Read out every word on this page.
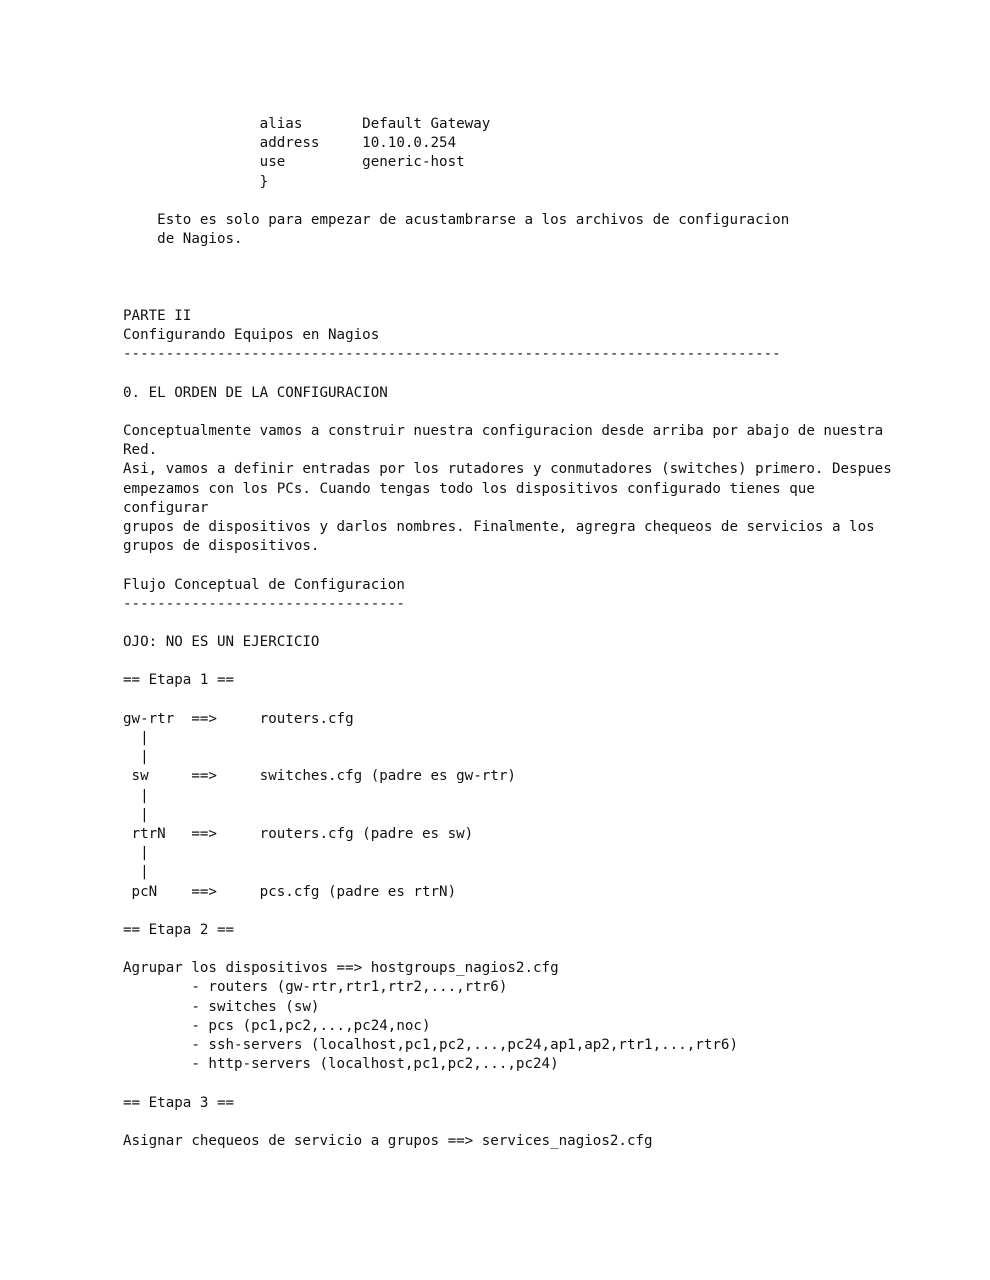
alias       Default Gateway
address     10.10.0.254
use         generic-host
}
Esto es solo para empezar de acustambrarse a los archivos de configuracion
de Nagios.
PARTE II
Configurando Equipos en Nagios
-----------------------------------------------------------------------------
0. EL ORDEN DE LA CONFIGURACION
Conceptualmente vamos a construir nuestra configuracion desde arriba por abajo de nuestra
Red.
Asi, vamos a definir entradas por los rutadores y conmutadores (switches) primero. Despues
empezamos con los PCs. Cuando tengas todo los dispositivos configurado tienes que
configurar
grupos de dispositivos y darlos nombres. Finalmente, agregra chequeos de servicios a los
grupos de dispositivos.
Flujo Conceptual de Configuracion
---------------------------------
OJO: NO ES UN EJERCICIO
== Etapa 1 ==
gw-rtr  ==>     routers.cfg
|
|
sw     ==>     switches.cfg (padre es gw-rtr)
|
|
rtrN   ==>     routers.cfg (padre es sw)
|
|
pcN    ==>     pcs.cfg (padre es rtrN)
== Etapa 2 ==
Agrupar los dispositivos ==> hostgroups_nagios2.cfg
- routers (gw-rtr,rtr1,rtr2,...,rtr6)
- switches (sw)
- pcs (pc1,pc2,...,pc24,noc)
- ssh-servers (localhost,pc1,pc2,...,pc24,ap1,ap2,rtr1,...,rtr6)
- http-servers (localhost,pc1,pc2,...,pc24)
== Etapa 3 ==
Asignar chequeos de servicio a grupos ==> services_nagios2.cfg
